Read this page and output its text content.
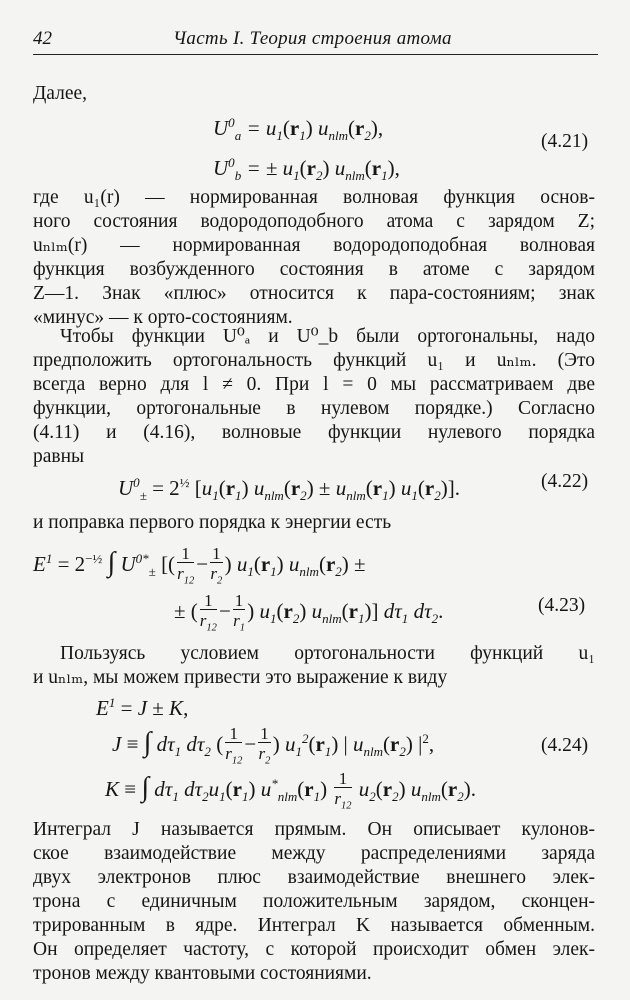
42	Часть I. Теория строения атома
Далее,
$U^0_a = u_1(r_1)$ $u_{nlm}(r_2)$,
$U^0_b$ = ± $u_1(r_2)$ $u_{nlm}(r_1)$,
(4.21)
где u₁(r) — нормированная волновая функция основ-
ного состояния водородоподобного атома с зарядом Z;
uₙₗₘ(r) — нормированная водородоподобная волновая
функция возбужденного состояния в атоме с зарядом
Z—1. Знак «плюс» относится к пара-состояниям; знак
«минус» — к орто-состояниям.
Чтобы функции U⁰ₐ и U⁰_b были ортогональны, надо
предположить ортогональность функций u₁ и uₙₗₘ. (Это
всегда верно для l ≠ 0. При l = 0 мы рассматриваем две
функции, ортогональные в нулевом порядке.) Согласно
(4.11) и (4.16), волновые функции нулевого порядка
равны
$U^0_\pm = 2^{\frac{1}{2}}$ [$u_1(r_1) u_{nlm}(r_2) \pm u_{nlm}(r_1)$ $u_1(r_2)$].	(4.22)
и поправка первого порядка к энергии есть
$E^1 = 2^{-\frac{1}{2}}$ ∫ $U^{0*}_\pm$ [( $\frac{1}{r_{12}} - \frac{1}{r_2}$ ) $u_1(r_1) u_{nlm}(r_2)$ ±
± ( $\frac{1}{r_{12}} - \frac{1}{r_1}$ ) $u_1(r_2)$ $u_{nlm}(r_1)$] $d\tau_1$ $d\tau_2$.	(4.23)
Пользуясь условием ортогональности функций u₁
и uₙₗₘ, мы можем привести это выражение к виду
$E^1 = J \pm K$,
J ≡ ∫ $d\tau_1$ $d\tau_2$ ( $\frac{1}{r_{12}} - \frac{1}{r_2}$ ) $u_1^2(r_1)$ | $u_{nlm}(r_2)$ $|^2$,
K ≡ ∫ $d\tau_1$ $d\tau_2u_1(r_1)$ $u^*_{nlm}(r_1) \frac{1}{r_{12}} u_2(r_2)$ $u_{nlm}(r_2)$.
(4.24)
Интеграл J называется прямым. Он описывает кулонов-
ское взаимодействие между распределениями заряда
двух электронов плюс взаимодействие внешнего элек-
трона с единичным положительным зарядом, сконцен-
трированным в ядре. Интеграл K называется обменным.
Он определяет частоту, с которой происходит обмен элек-
тронов между квантовыми состояниями.
